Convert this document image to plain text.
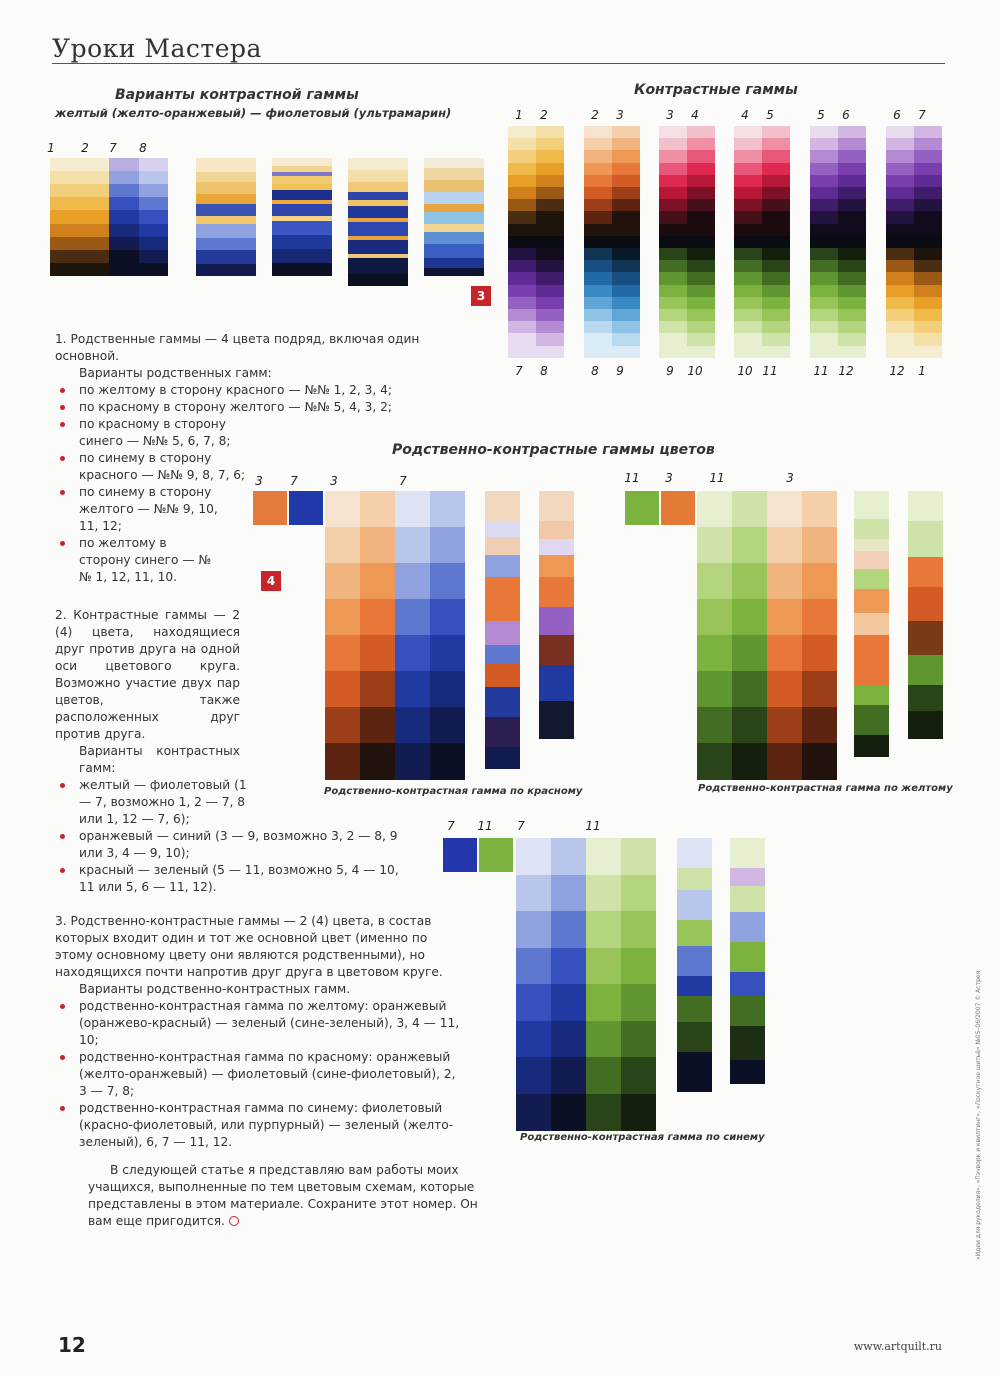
Уроки Мастера
Варианты контрастной гаммы
желтый (желто-оранжевый) — фиолетовый (ультрамарин)
1	2	7	8
3
Контрастные гаммы
1	2	2	3	3	4	4	5	5	6	6	7
7	8	8	9	9	10	10 11	11 12	12	1

1. Родственные гаммы — 4 цвета подряд, включая один основной.

Варианты родственных гамм:

по желтому в сторону красного — №№ 1, 2, 3, 4;
по красному в сторону желтого — №№ 5, 4, 3, 2;
по красному в сторону синего — №№ 5, 6, 7, 8;
по синему в сторону красного — №№ 9, 8, 7, 6;
по синему в сторону желтого — №№ 9, 10, 11, 12;
по желтому в сторону синего — №№ 1, 12, 11, 10.

2. Контрастные гаммы — 2 (4) цвета, находящиеся друг против друга на одной оси цветового круга. Возможно участие двух пар цветов, также расположенных друг против друга.

Варианты контрастных гамм:

желтый — фиолетовый (1 — 7, возможно 1, 2 — 7, 8 или 1, 12 — 7, 6);
оранжевый — синий (3 — 9, возможно 3, 2 — 8, 9 или 3, 4 — 9, 10);
красный — зеленый (5 — 11, возможно 5, 4 — 10, 11 или 5, 6 — 11, 12).

3. Родственно-контрастные гаммы — 2 (4) цвета, в состав которых входит один и тот же основной цвет (именно по этому основному цвету они являются родственными), но находящихся почти напротив друг друга в цветовом круге.

Варианты родственно-контрастных гамм.

родственно-контрастная гамма по желтому: оранжевый (оранжево-красный) — зеленый (сине-зеленый), 3, 4 — 11, 10;
родственно-контрастная гамма по красному: оранжевый (желто-оранжевый) — фиолетовый (сине-фиолетовый), 2, 3 — 7, 8;
родственно-контрастная гамма по синему: фиолетовый (красно-фиолетовый, или пурпурный) — зеленый (желто-зеленый), 6, 7 — 11, 12.
В следующей статье я представляю вам работы моих учащихся, выполненные по тем цветовым схемам, которые представлены в этом материале. Сохраните этот номер. Он вам еще пригодится.
Родственно-контрастные гаммы цветов
4
3	7	3	7
Родственно-контрастная гамма по красному
11	3	11	3
Родственно-контрастная гамма по желтому
7	11	7	11
Родственно-контрастная гамма по синему
12	www.artquilt.ru
«Идеи для рукоделия», «Пэчворк и квилтинг», «Лоскутное шитьё» №05–06/2007 © Астрея
